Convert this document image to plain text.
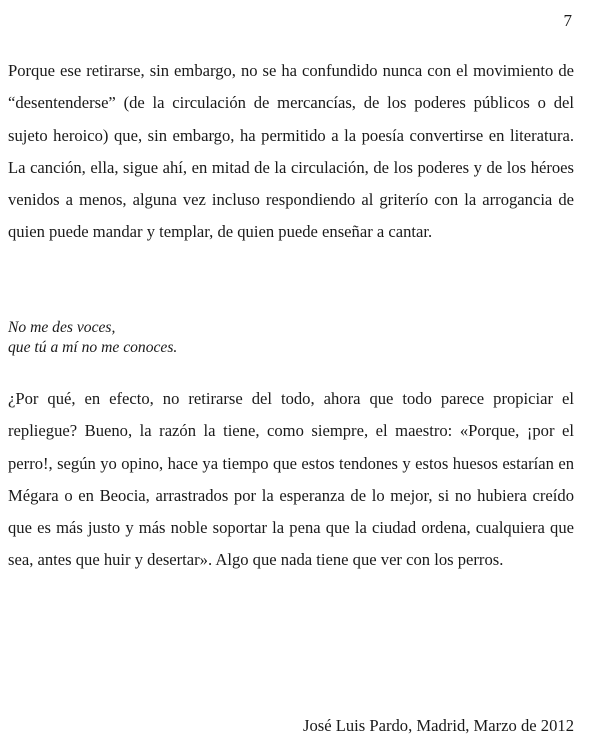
7

Porque ese retirarse, sin embargo, no se ha confundido nunca con el movimiento de “desentenderse” (de la circulación de mercancías, de los poderes públicos o del sujeto heroico) que, sin embargo, ha permitido a la poesía convertirse en literatura. La canción, ella, sigue ahí, en mitad de la circulación, de los poderes y de los héroes venidos a menos, alguna vez incluso respondiendo al griterío con la arrogancia de quien puede mandar y templar, de quien puede enseñar a cantar.

No me des voces,
que tú a mí no me conoces.

¿Por qué, en efecto, no retirarse del todo, ahora que todo parece propiciar el repliegue? Bueno, la razón la tiene, como siempre, el maestro: «Porque, ¡por el perro!, según yo opino, hace ya tiempo que estos tendones y estos huesos estarían en Mégara o en Beocia, arrastrados por la esperanza de lo mejor, si no hubiera creído que es más justo y más noble soportar la pena que la ciudad ordena, cualquiera que sea, antes que huir y desertar». Algo que nada tiene que ver con los perros.

José Luis Pardo, Madrid, Marzo de 2012
